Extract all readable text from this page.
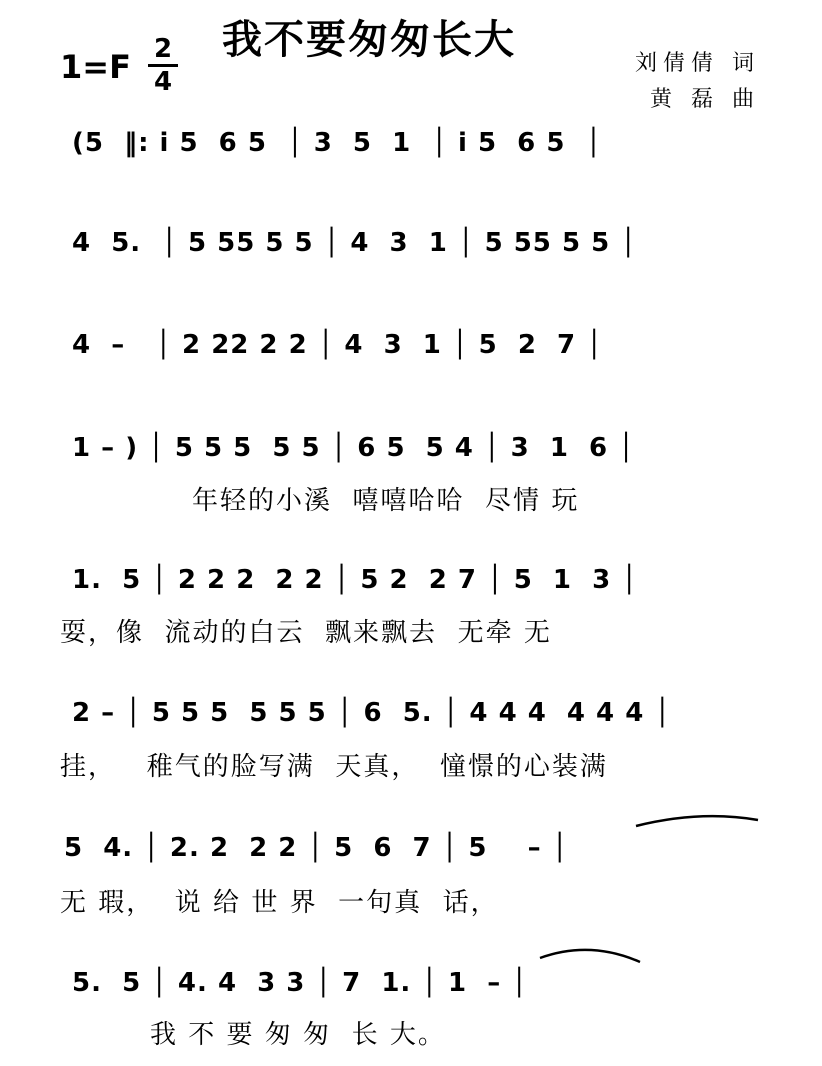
我不要匆匆长大
1=F 2
4
刘倩倩 词
黄 磊 曲
(5  ‖: i 5  6 5  │ 3  5  1  │ i 5  6 5  │
4  5.  │ 5 55 5 5 │ 4  3  1 │ 5 55 5 5 │
4  –   │ 2 22 2 2 │ 4  3  1 │ 5  2  7 │
1 – ) │ 5 5 5  5 5 │ 6 5  5 4 │ 3  1  6 │
年轻的小溪  嘻嘻哈哈  尽情 玩
1.  5 │ 2 2 2  2 2 │ 5 2  2 7 │ 5  1  3 │
耍，像  流动的白云  飘来飘去  无牵 无
2 – │ 5 5 5  5 5 5 │ 6  5. │ 4 4 4  4 4 4 │
挂，   稚气的脸写满  天真，  憧憬的心装满
5  4. │ 2. 2  2 2 │ 5  6  7 │ 5    – │
无 瑕，  说 给 世 界  一句真  话，
5.  5 │ 4. 4  3 3 │ 7  1. │ 1  – │
我 不 要 匆 匆  长 大。
